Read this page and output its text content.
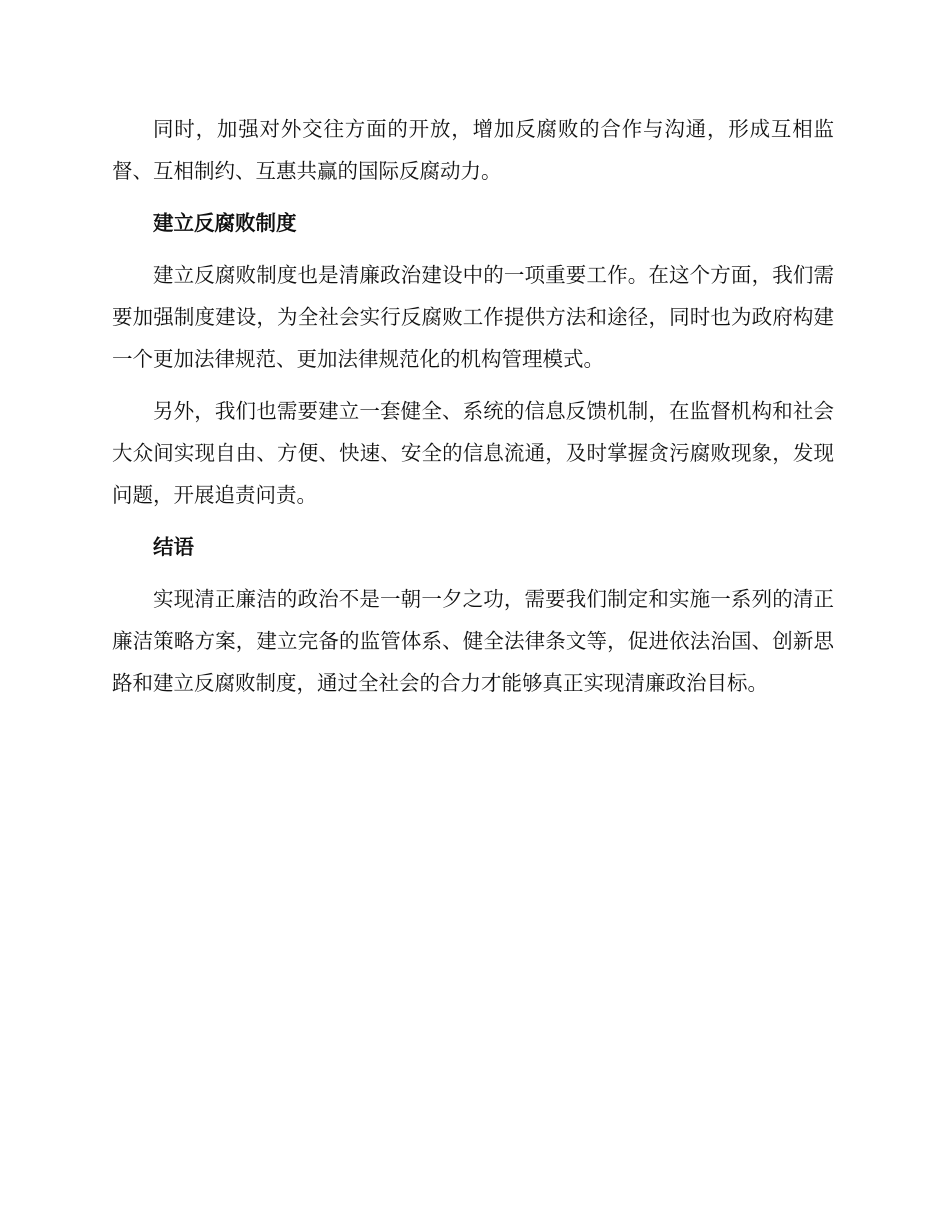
同时，加强对外交往方面的开放，增加反腐败的合作与沟通，形成互相监督、互相制约、互惠共赢的国际反腐动力。

建立反腐败制度

建立反腐败制度也是清廉政治建设中的一项重要工作。在这个方面，我们需要加强制度建设，为全社会实行反腐败工作提供方法和途径，同时也为政府构建一个更加法律规范、更加法律规范化的机构管理模式。

另外，我们也需要建立一套健全、系统的信息反馈机制，在监督机构和社会大众间实现自由、方便、快速、安全的信息流通，及时掌握贪污腐败现象，发现问题，开展追责问责。

结语

实现清正廉洁的政治不是一朝一夕之功，需要我们制定和实施一系列的清正廉洁策略方案，建立完备的监管体系、健全法律条文等，促进依法治国、创新思路和建立反腐败制度，通过全社会的合力才能够真正实现清廉政治目标。
